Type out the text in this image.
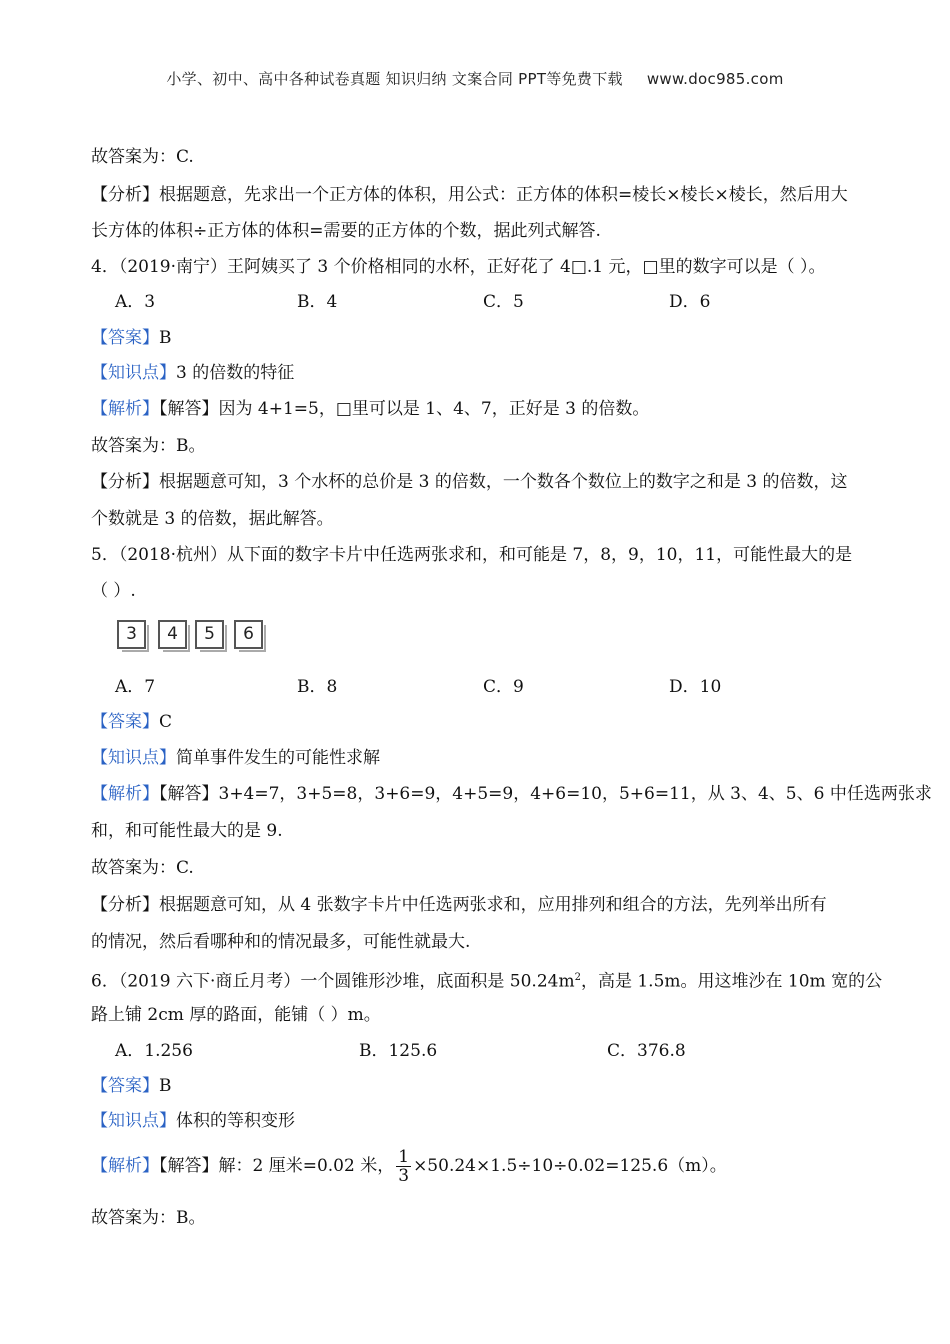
小学、初中、高中各种试卷真题 知识归纳 文案合同 PPT等免费下载 www.doc985.com
故答案为：C.
【分析】根据题意，先求出一个正方体的体积，用公式：正方体的体积=棱长×棱长×棱长，然后用大
长方体的体积÷正方体的体积=需要的正方体的个数，据此列式解答.
4．（2019·南宁）王阿姨买了 3 个价格相同的水杯，正好花了 4□.1 元，□里的数字可以是（ ）。
A．3	B．4	C．5	D．6
【答案】B
【知识点】3 的倍数的特征
【解析】【解答】因为 4+1=5，□里可以是 1、4、7，正好是 3 的倍数。
故答案为：B。
【分析】根据题意可知，3 个水杯的总价是 3 的倍数，一个数各个数位上的数字之和是 3 的倍数，这
个数就是 3 的倍数，据此解答。
5．（2018·杭州）从下面的数字卡片中任选两张求和，和可能是 7，8，9，10，11，可能性最大的是
（ ）.
3	4	5	6
A．7	B．8	C．9	D．10
【答案】C
【知识点】简单事件发生的可能性求解
【解析】【解答】3+4=7，3+5=8，3+6=9，4+5=9，4+6=10，5+6=11，从 3、4、5、6 中任选两张求
和，和可能性最大的是 9.
故答案为：C.
【分析】根据题意可知，从 4 张数字卡片中任选两张求和，应用排列和组合的方法，先列举出所有
的情况，然后看哪种和的情况最多，可能性就最大.
6．（2019 六下·商丘月考）一个圆锥形沙堆，底面积是 $50.24m^2$，高是 1.5m。用这堆沙在 10m 宽的公
路上铺 2cm 厚的路面，能铺（ ）m。
A．1.256	B．125.6	C．376.8
【答案】B
【知识点】体积的等积变形
【解析】【解答】解：2 厘米=0.02 米， $\frac{1}{3} \times 50.24\times 1.5\div 10\div 0.02=125.6(m)$。
故答案为：B。
